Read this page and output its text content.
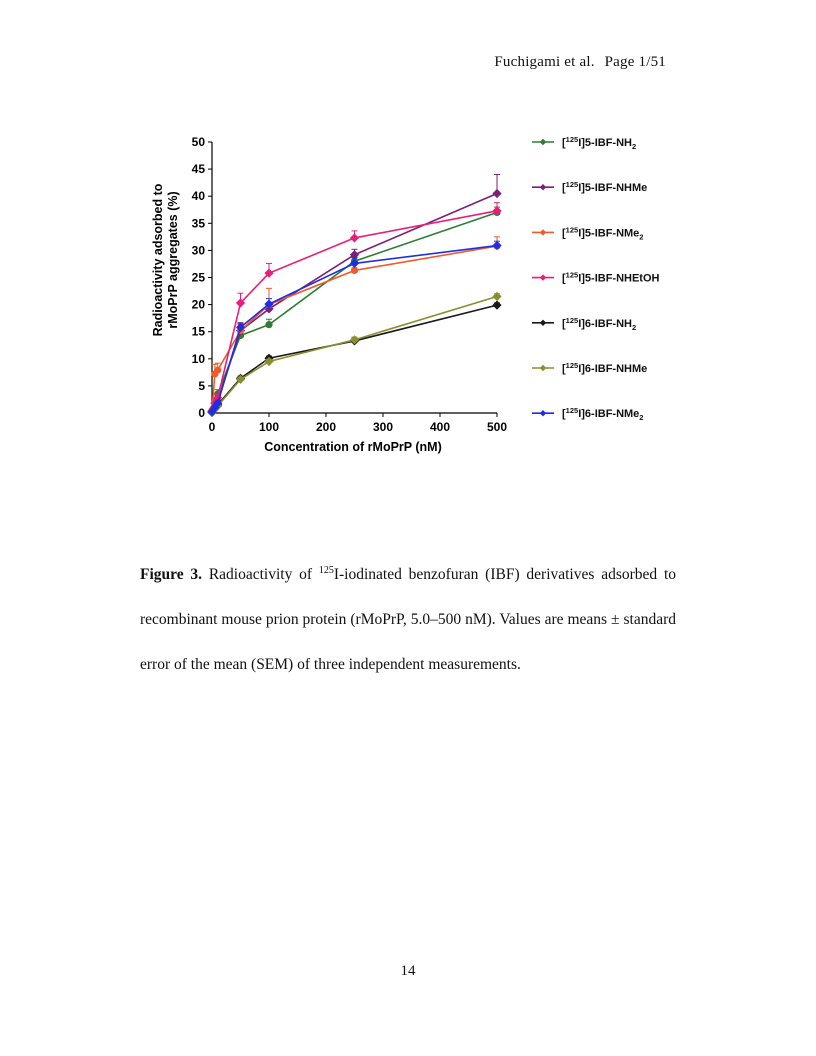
Fuchigami et al. Page 1/51
0
5
10
15
20
25
30
35
40
45
50
0	100	200	300	400	500
$[^{125}I]5-IBF-NH_2$
[$^{125}$I]5-IBF-NHMe
[$^{125}$I]5-IBF-NMe$_2$
[$^{125}$I]5-IBF-NHEtOH
$[^{125}I]6-IBF-NH_2$
[$^{125}$I]6-IBF-NHMe
[$^{125}$I]6-IBF-NMe$_2$
Concentration of rMoPrP (nM)
Radioactivity adsorbed to rMoPrP aggregates (%)
Figure 3. Radioactivity of $^{125}$I-iodinated benzofuran (IBF) derivatives adsorbed to recombinant mouse prion protein (rMoPrP, 5.0–500 nM). Values are means ± standard error of the mean (SEM) of three independent measurements.
14
